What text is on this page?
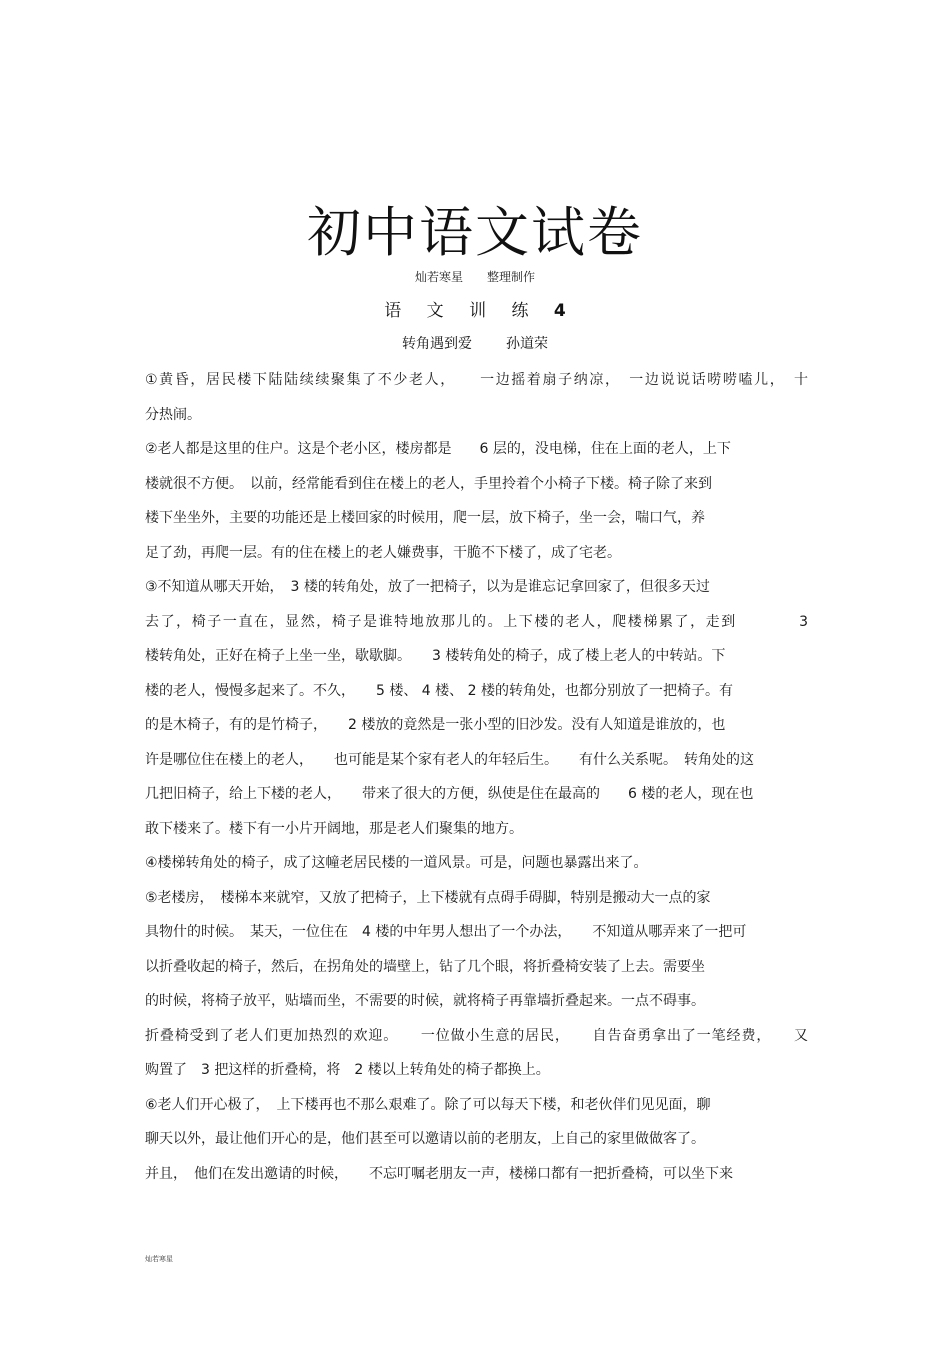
初中语文试卷
灿若寒星 整理制作
语 文 训 练 4
转角遇到爱 孙道荣
①黄昏，居民楼下陆陆续续聚集了不少老人，　　一边摇着扇子纳凉，　一边说说话唠唠嗑儿，　十
分热闹。
②老人都是这里的住户。这是个老小区，楼房都是　　6 层的，没电梯，住在上面的老人，上下
楼就很不方便。　以前，经常能看到住在楼上的老人，手里拎着个小椅子下楼。椅子除了来到
楼下坐坐外，主要的功能还是上楼回家的时候用，爬一层，放下椅子，坐一会，喘口气，养
足了劲，再爬一层。有的住在楼上的老人嫌费事，干脆不下楼了，成了宅老。
③不知道从哪天开始，　3 楼的转角处，放了一把椅子，以为是谁忘记拿回家了，但很多天过
去了，椅子一直在，显然，椅子是谁特地放那儿的。上下楼的老人，爬楼梯累了，走到　　　　3
楼转角处，正好在椅子上坐一坐，歇歇脚。　　3 楼转角处的椅子，成了楼上老人的中转站。下
楼的老人，慢慢多起来了。不久，　　5 楼、 4 楼、 2 楼的转角处，也都分别放了一把椅子。有
的是木椅子，有的是竹椅子，　　2 楼放的竟然是一张小型的旧沙发。没有人知道是谁放的，也
许是哪位住在楼上的老人，　　也可能是某个家有老人的年轻后生。　　有什么关系呢。　转角处的这
几把旧椅子，给上下楼的老人，　　带来了很大的方便，纵使是住在最高的　　6 楼的老人，现在也
敢下楼来了。楼下有一小片开阔地，那是老人们聚集的地方。
④楼梯转角处的椅子，成了这幢老居民楼的一道风景。可是，问题也暴露出来了。
⑤老楼房，　楼梯本来就窄，又放了把椅子，上下楼就有点碍手碍脚，特别是搬动大一点的家
具物什的时候。　某天，一位住在　4 楼的中年男人想出了一个办法，　　不知道从哪弄来了一把可
以折叠收起的椅子，然后，在拐角处的墙壁上，钻了几个眼，将折叠椅安装了上去。需要坐
的时候，将椅子放平，贴墙而坐，不需要的时候，就将椅子再靠墙折叠起来。一点不碍事。
折叠椅受到了老人们更加热烈的欢迎。　　一位做小生意的居民，　　自告奋勇拿出了一笔经费，　　又
购置了　3 把这样的折叠椅，将　2 楼以上转角处的椅子都换上。
⑥老人们开心极了，　上下楼再也不那么艰难了。除了可以每天下楼，和老伙伴们见见面，聊
聊天以外，最让他们开心的是，他们甚至可以邀请以前的老朋友，上自己的家里做做客了。
并且，　他们在发出邀请的时候，　　不忘叮嘱老朋友一声，楼梯口都有一把折叠椅，可以坐下来
灿若寒星
